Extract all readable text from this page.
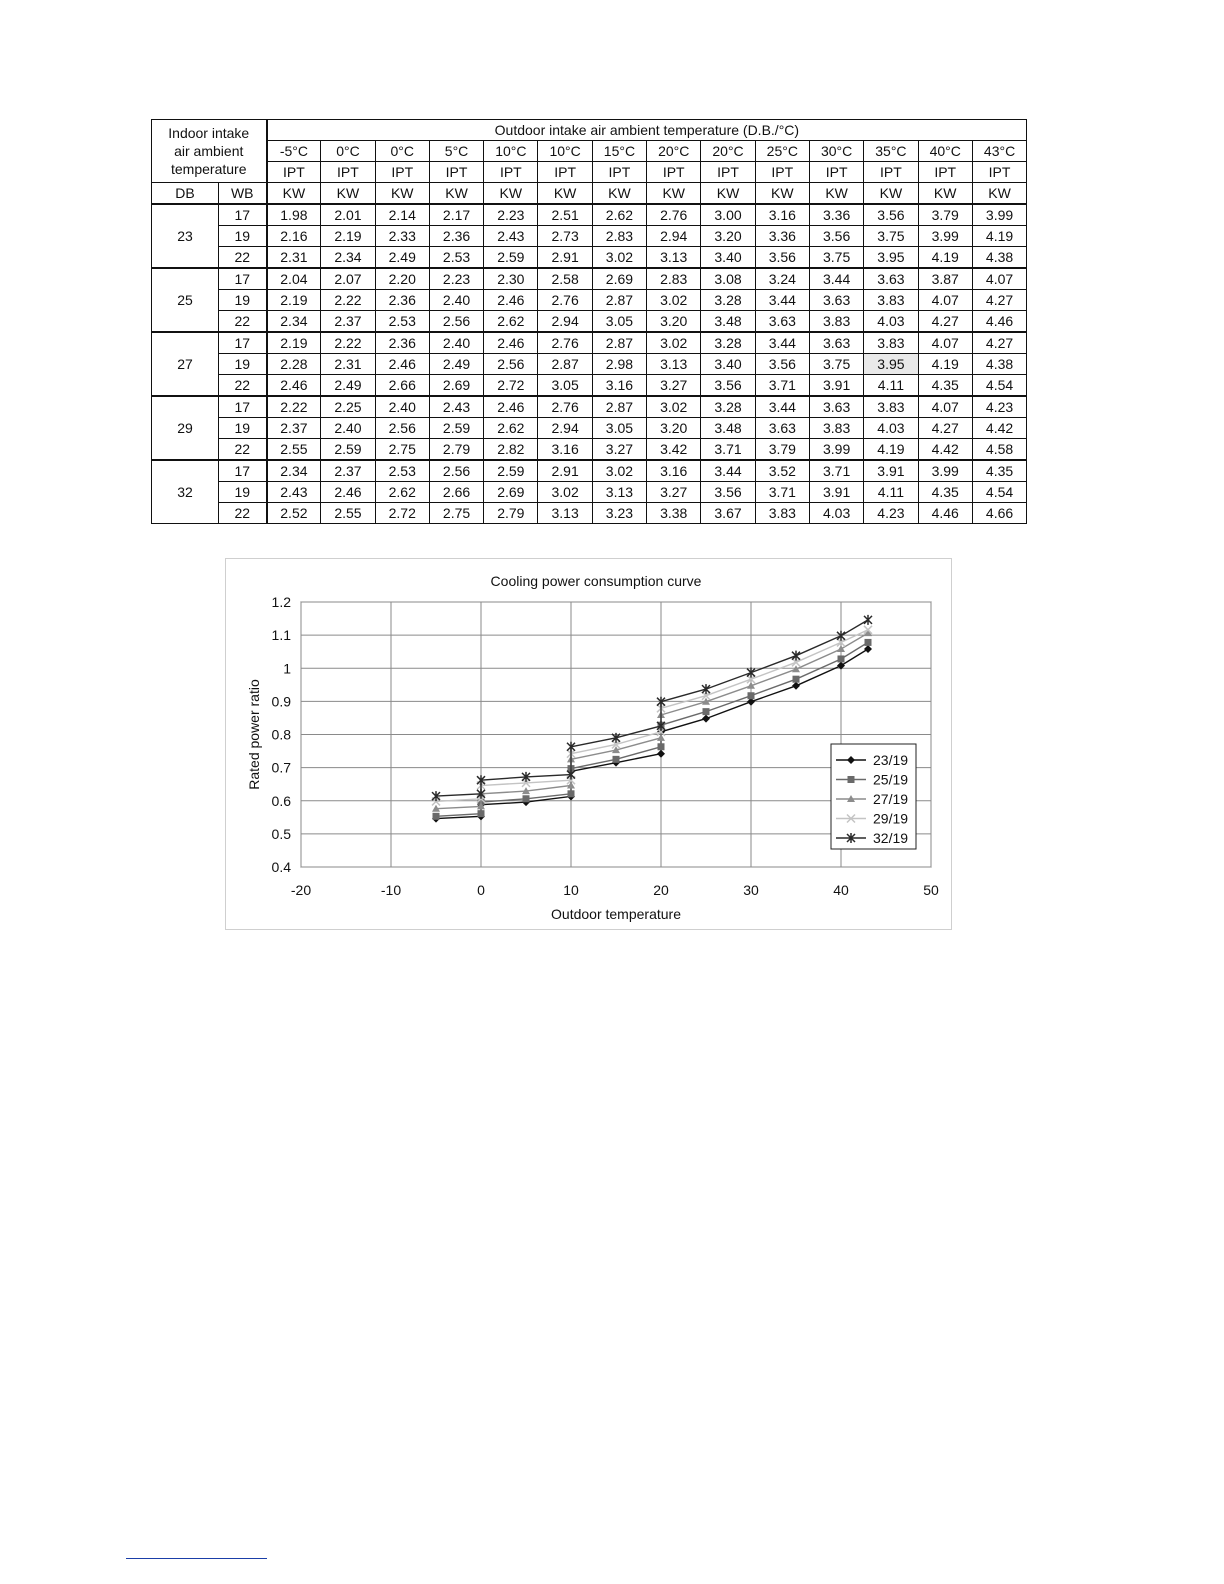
Indoor intake air ambient temperature		Outdoor intake air ambient temperature (D.B./°C)													
		-5°C	0°C	0°C	5°C	10°C	10°C	15°C	20°C	20°C	25°C	30°C	35°C	40°C	43°C
		IPT	IPT	IPT	IPT	IPT	IPT	IPT	IPT	IPT	IPT	IPT	IPT	IPT	IPT
DB	WB	KW	KW	KW	KW	KW	KW	KW	KW	KW	KW	KW	KW	KW	KW
23	17	1.98	2.01	2.14	2.17	2.23	2.51	2.62	2.76	3.00	3.16	3.36	3.56	3.79	3.99
	19	2.16	2.19	2.33	2.36	2.43	2.73	2.83	2.94	3.20	3.36	3.56	3.75	3.99	4.19
	22	2.31	2.34	2.49	2.53	2.59	2.91	3.02	3.13	3.40	3.56	3.75	3.95	4.19	4.38
25	17	2.04	2.07	2.20	2.23	2.30	2.58	2.69	2.83	3.08	3.24	3.44	3.63	3.87	4.07
	19	2.19	2.22	2.36	2.40	2.46	2.76	2.87	3.02	3.28	3.44	3.63	3.83	4.07	4.27
	22	2.34	2.37	2.53	2.56	2.62	2.94	3.05	3.20	3.48	3.63	3.83	4.03	4.27	4.46
27	17	2.19	2.22	2.36	2.40	2.46	2.76	2.87	3.02	3.28	3.44	3.63	3.83	4.07	4.27
	19	2.28	2.31	2.46	2.49	2.56	2.87	2.98	3.13	3.40	3.56	3.75	3.95	4.19	4.38
	22	2.46	2.49	2.66	2.69	2.72	3.05	3.16	3.27	3.56	3.71	3.91	4.11	4.35	4.54
29	17	2.22	2.25	2.40	2.43	2.46	2.76	2.87	3.02	3.28	3.44	3.63	3.83	4.07	4.23
	19	2.37	2.40	2.56	2.59	2.62	2.94	3.05	3.20	3.48	3.63	3.83	4.03	4.27	4.42
	22	2.55	2.59	2.75	2.79	2.82	3.16	3.27	3.42	3.71	3.79	3.99	4.19	4.42	4.58
32	17	2.34	2.37	2.53	2.56	2.59	2.91	3.02	3.16	3.44	3.52	3.71	3.91	3.99	4.35
	19	2.43	2.46	2.62	2.66	2.69	3.02	3.13	3.27	3.56	3.71	3.91	4.11	4.35	4.54
	22	2.52	2.55	2.72	2.75	2.79	3.13	3.23	3.38	3.67	3.83	4.03	4.23	4.46	4.66
0.4
0.5
0.6
0.7
0.8
0.9
1
1.1
1.2
-20	-10	0	10	20	30	40	50
Cooling power consumption curve
Outdoor temperature
Rated power ratio	23/19
25/19
27/19
29/19
32/19
